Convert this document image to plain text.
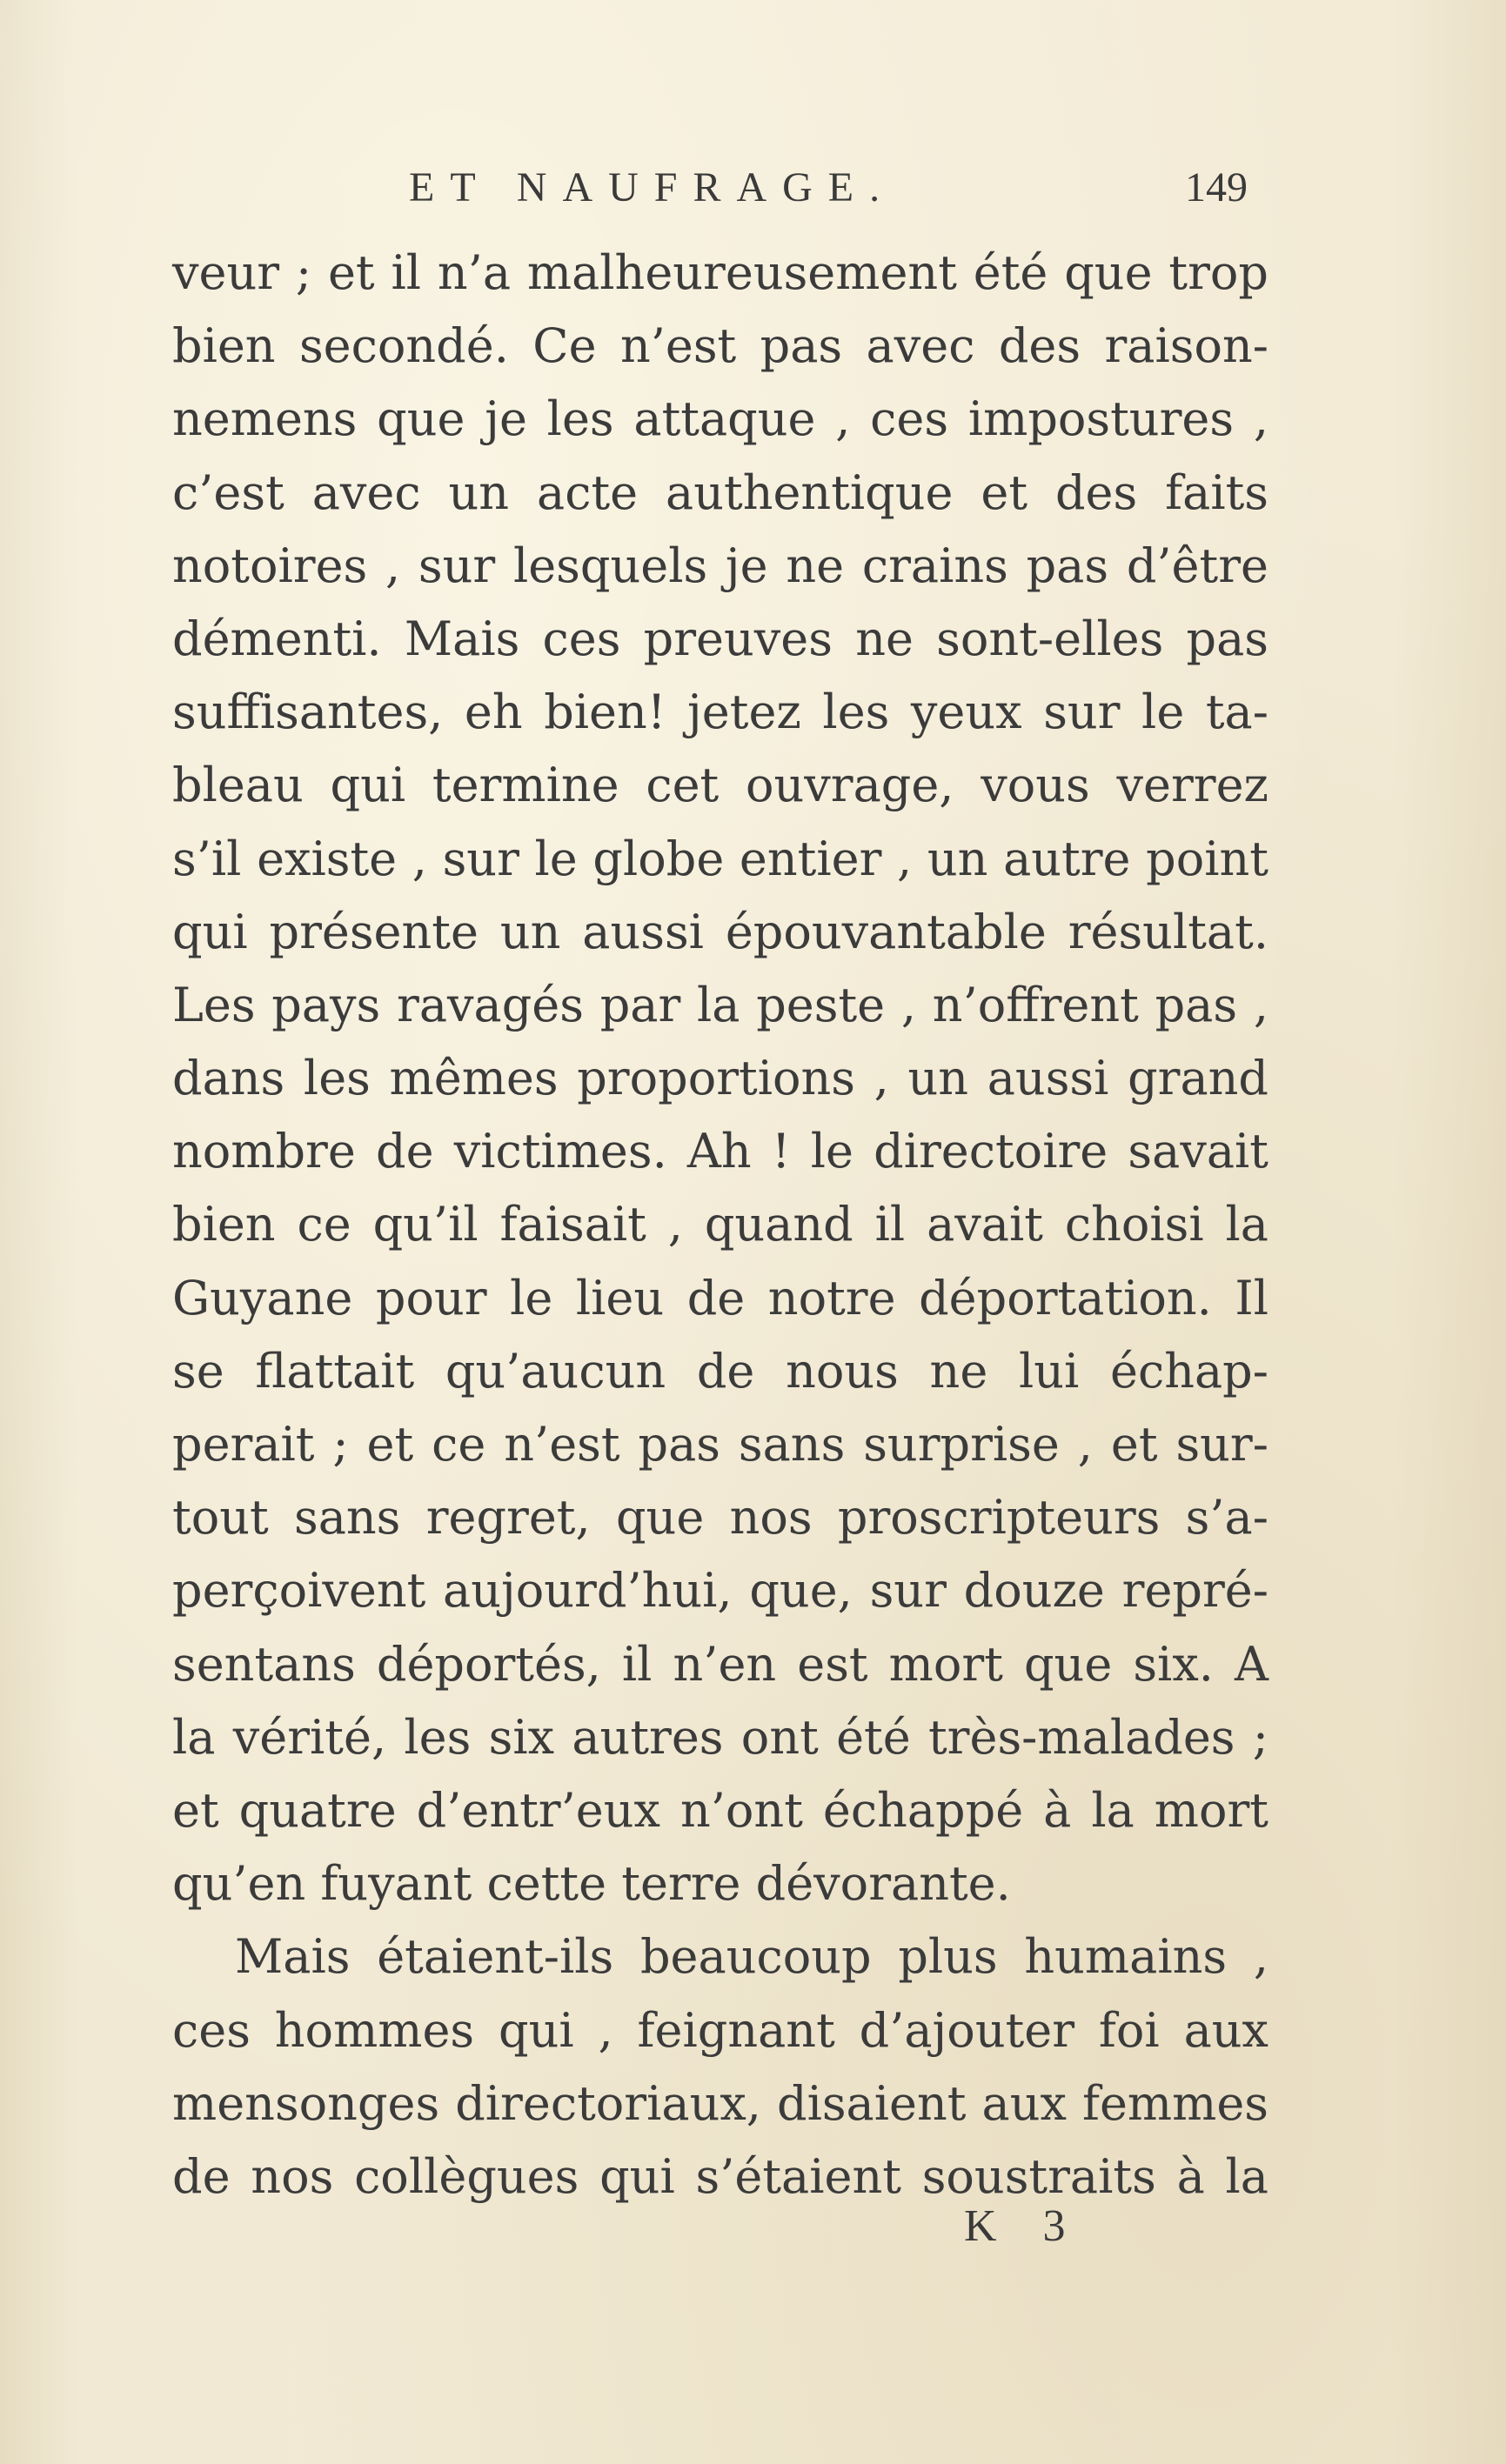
ET NAUFRAGE.	149
veur ; et il n’a malheureusement été que trop
bien secondé. Ce n’est pas avec des raison-
nemens que je les attaque , ces impostures ,
c’est avec un acte authentique et des faits
notoires , sur lesquels je ne crains pas d’être
démenti. Mais ces preuves ne sont-elles pas
suffisantes, eh bien! jetez les yeux sur le ta-
bleau qui termine cet ouvrage, vous verrez
s’il existe , sur le globe entier , un autre point
qui présente un aussi épouvantable résultat.
Les pays ravagés par la peste , n’offrent pas ,
dans les mêmes proportions , un aussi grand
nombre de victimes. Ah ! le directoire savait
bien ce qu’il faisait , quand il avait choisi la
Guyane pour le lieu de notre déportation. Il
se flattait qu’aucun de nous ne lui échap-
perait ; et ce n’est pas sans surprise , et sur-
tout sans regret, que nos proscripteurs s’a-
perçoivent aujourd’hui, que, sur douze repré-
sentans déportés, il n’en est mort que six. A
la vérité, les six autres ont été très-malades ;
et quatre d’entr’eux n’ont échappé à la mort
qu’en fuyant cette terre dévorante.
Mais étaient-ils beaucoup plus humains ,
ces hommes qui , feignant d’ajouter foi aux
mensonges directoriaux, disaient aux femmes
de nos collègues qui s’étaient soustraits à la
K 3
